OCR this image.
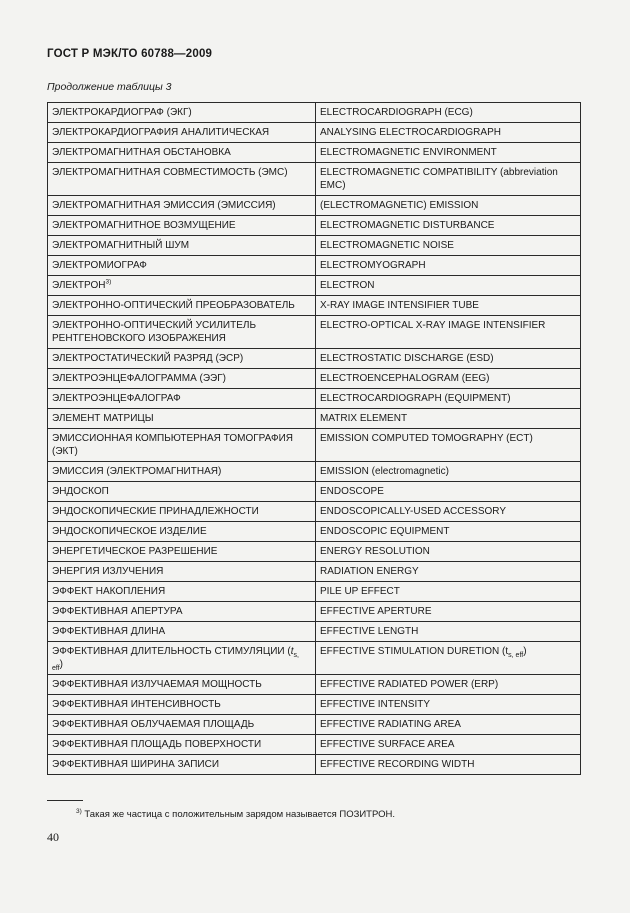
ГОСТ Р МЭК/ТО 60788—2009
Продолжение таблицы 3
ЭЛЕКТРОКАРДИОГРАФ (ЭКГ)	ELECTROCARDIOGRAPH (ECG)
ЭЛЕКТРОКАРДИОГРАФИЯ АНАЛИТИЧЕСКАЯ	ANALYSING ELECTROCARDIOGRAPH
ЭЛЕКТРОМАГНИТНАЯ ОБСТАНОВКА	ELECTROMAGNETIC ENVIRONMENT
ЭЛЕКТРОМАГНИТНАЯ СОВМЕСТИМОСТЬ (ЭМС)	ELECTROMAGNETIC COMPATIBILITY (abbreviation EMC)
ЭЛЕКТРОМАГНИТНАЯ ЭМИССИЯ (ЭМИССИЯ)	(ELECTROMAGNETIC) EMISSION
ЭЛЕКТРОМАГНИТНОЕ ВОЗМУЩЕНИЕ	ELECTROMAGNETIC DISTURBANCE
ЭЛЕКТРОМАГНИТНЫЙ ШУМ	ELECTROMAGNETIC NOISE
ЭЛЕКТРОМИОГРАФ	ELECTROMYOGRAPH
ЭЛЕКТРОН$^{3)}$	ELECTRON
ЭЛЕКТРОННО-ОПТИЧЕСКИЙ ПРЕОБРАЗОВАТЕЛЬ	X-RAY IMAGE INTENSIFIER TUBE
ЭЛЕКТРОННО-ОПТИЧЕСКИЙ УСИЛИТЕЛЬ РЕНТГЕНОВСКОГО ИЗОБРАЖЕНИЯ	ELECTRO-OPTICAL X-RAY IMAGE INTENSIFIER
ЭЛЕКТРОСТАТИЧЕСКИЙ РАЗРЯД (ЭСР)	ELECTROSTATIC DISCHARGE (ESD)
ЭЛЕКТРОЭНЦЕФАЛОГРАММА (ЭЭГ)	ELECTROENCEPHALOGRAM (EEG)
ЭЛЕКТРОЭНЦЕФАЛОГРАФ	ELECTROCARDIOGRAPH (EQUIPMENT)
ЭЛЕМЕНТ МАТРИЦЫ	MATRIX ELEMENT
ЭМИССИОННАЯ КОМПЬЮТЕРНАЯ ТОМОГРАФИЯ (ЭКТ)	EMISSION COMPUTED TOMOGRAPHY (ECT)
ЭМИССИЯ (ЭЛЕКТРОМАГНИТНАЯ)	EMISSION (electromagnetic)
ЭНДОСКОП	ENDOSCOPE
ЭНДОСКОПИЧЕСКИЕ ПРИНАДЛЕЖНОСТИ	ENDOSCOPICALLY-USED ACCESSORY
ЭНДОСКОПИЧЕСКОЕ ИЗДЕЛИЕ	ENDOSCOPIC EQUIPMENT
ЭНЕРГЕТИЧЕСКОЕ РАЗРЕШЕНИЕ	ENERGY RESOLUTION
ЭНЕРГИЯ ИЗЛУЧЕНИЯ	RADIATION ENERGY
ЭФФЕКТ НАКОПЛЕНИЯ	PILE UP EFFECT
ЭФФЕКТИВНАЯ АПЕРТУРА	EFFECTIVE APERTURE
ЭФФЕКТИВНАЯ ДЛИНА	EFFECTIVE LENGTH
ЭФФЕКТИВНАЯ ДЛИТЕЛЬНОСТЬ СТИМУЛЯЦИИ $(t_{s, eff})$	EFFECTIVE STIMULATION DURETION $(t_{s, eff})$
ЭФФЕКТИВНАЯ ИЗЛУЧАЕМАЯ МОЩНОСТЬ	EFFECTIVE RADIATED POWER (ERP)
ЭФФЕКТИВНАЯ ИНТЕНСИВНОСТЬ	EFFECTIVE INTENSITY
ЭФФЕКТИВНАЯ ОБЛУЧАЕМАЯ ПЛОЩАДЬ	EFFECTIVE RADIATING AREA
ЭФФЕКТИВНАЯ ПЛОЩАДЬ ПОВЕРХНОСТИ	EFFECTIVE SURFACE AREA
ЭФФЕКТИВНАЯ ШИРИНА ЗАПИСИ	EFFECTIVE RECORDING WIDTH
$^{3)}$ Такая же частица с положительным зарядом называется ПОЗИТРОН.
40
